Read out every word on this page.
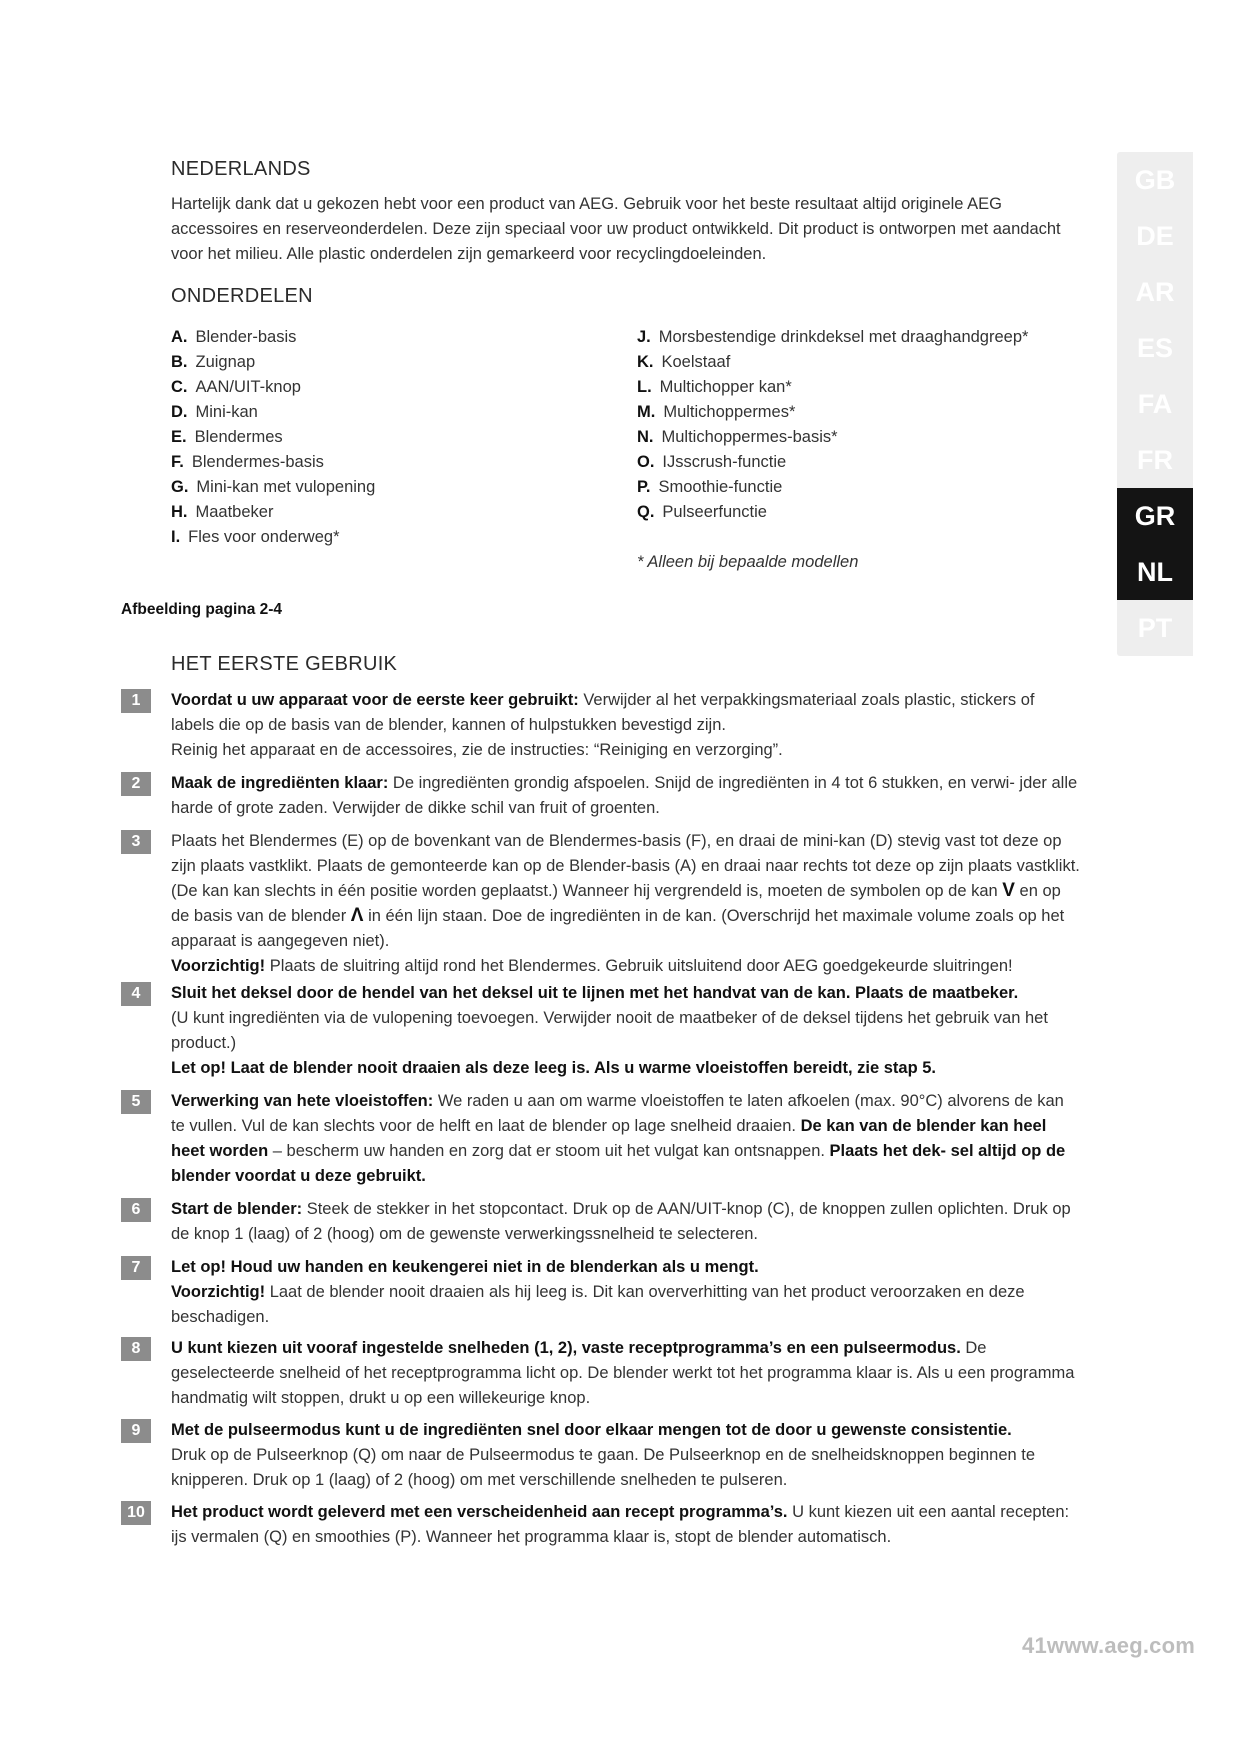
NEDERLANDS
Hartelijk dank dat u gekozen hebt voor een product van AEG. Gebruik voor het beste resultaat altijd originele AEG accessoires en reserveonderdelen. Deze zijn speciaal voor uw product ontwikkeld. Dit product is ontworpen met aandacht voor het milieu. Alle plastic onderdelen zijn gemarkeerd voor recyclingdoeleinden.
ONDERDELEN
A. Blender-basis
B. Zuignap
C. AAN/UIT-knop
D. Mini-kan
E. Blendermes
F. Blendermes-basis
G. Mini-kan met vulopening
H. Maatbeker
I. Fles voor onderweg*
J. Morsbestendige drinkdeksel met draaghandgreep*
K. Koelstaaf
L. Multichopper kan*
M. Multichoppermes*
N. Multichoppermes-basis*
O. IJsscrush-functie
P. Smoothie-functie
Q. Pulseerfunctie
* Alleen bij bepaalde modellen
Afbeelding pagina 2-4
HET EERSTE GEBRUIK
1	Voordat u uw apparaat voor de eerste keer gebruikt: Verwijder al het verpakkingsmateriaal zoals plastic, stickers of labels die op de basis van de blender, kannen of hulpstukken bevestigd zijn.
Reinig het apparaat en de accessoires, zie de instructies: “Reiniging en verzorging”.
2	Maak de ingrediënten klaar: De ingrediënten grondig afspoelen. Snijd de ingrediënten in 4 tot 6 stukken, en verwi- jder alle harde of grote zaden. Verwijder de dikke schil van fruit of groenten.
3	Plaats het Blendermes (E) op de bovenkant van de Blendermes-basis (F), en draai de mini-kan (D) stevig vast tot deze op zijn plaats vastklikt. Plaats de gemonteerde kan op de Blender-basis (A) en draai naar rechts tot deze op zijn plaats vastklikt. (De kan kan slechts in één positie worden geplaatst.) Wanneer hij vergrendeld is, moeten de symbolen op de kan V en op de basis van de blender Λ in één lijn staan. Doe de ingrediënten in de kan. (Overschrijd het maximale volume zoals op het apparaat is aangegeven niet).
Voorzichtig! Plaats de sluitring altijd rond het Blendermes. Gebruik uitsluitend door AEG goedgekeurde sluitringen!
4	Sluit het deksel door de hendel van het deksel uit te lijnen met het handvat van de kan. Plaats de maatbeker.
(U kunt ingrediënten via de vulopening toevoegen. Verwijder nooit de maatbeker of de deksel tijdens het gebruik van het product.)
Let op! Laat de blender nooit draaien als deze leeg is. Als u warme vloeistoffen bereidt, zie stap 5.
5	Verwerking van hete vloeistoffen: We raden u aan om warme vloeistoffen te laten afkoelen (max. 90°C) alvorens de kan te vullen. Vul de kan slechts voor de helft en laat de blender op lage snelheid draaien. De kan van de blender kan heel heet worden – bescherm uw handen en zorg dat er stoom uit het vulgat kan ontsnappen. Plaats het dek- sel altijd op de blender voordat u deze gebruikt.
6	Start de blender: Steek de stekker in het stopcontact. Druk op de AAN/UIT-knop (C), de knoppen zullen oplichten. Druk op de knop 1 (laag) of 2 (hoog) om de gewenste verwerkingssnelheid te selecteren.
7	Let op! Houd uw handen en keukengerei niet in de blenderkan als u mengt.
Voorzichtig! Laat de blender nooit draaien als hij leeg is. Dit kan oververhitting van het product veroorzaken en deze beschadigen.
8	U kunt kiezen uit vooraf ingestelde snelheden (1, 2), vaste receptprogramma’s en een pulseermodus. De geselecteerde snelheid of het receptprogramma licht op. De blender werkt tot het programma klaar is. Als u een programma handmatig wilt stoppen, drukt u op een willekeurige knop.
9	Met de pulseermodus kunt u de ingrediënten snel door elkaar mengen tot de door u gewenste consistentie.
Druk op de Pulseerknop (Q) om naar de Pulseermodus te gaan. De Pulseerknop en de snelheidsknoppen beginnen te knipperen. Druk op 1 (laag) of 2 (hoog) om met verschillende snelheden te pulseren.
10	Het product wordt geleverd met een verscheidenheid aan recept programma’s. U kunt kiezen uit een aantal recepten: ijs vermalen (Q) en smoothies (P). Wanneer het programma klaar is, stopt de blender automatisch.
GB
DE
AR
ES
FA
FR
GR
NL
PT
41www.aeg.com
